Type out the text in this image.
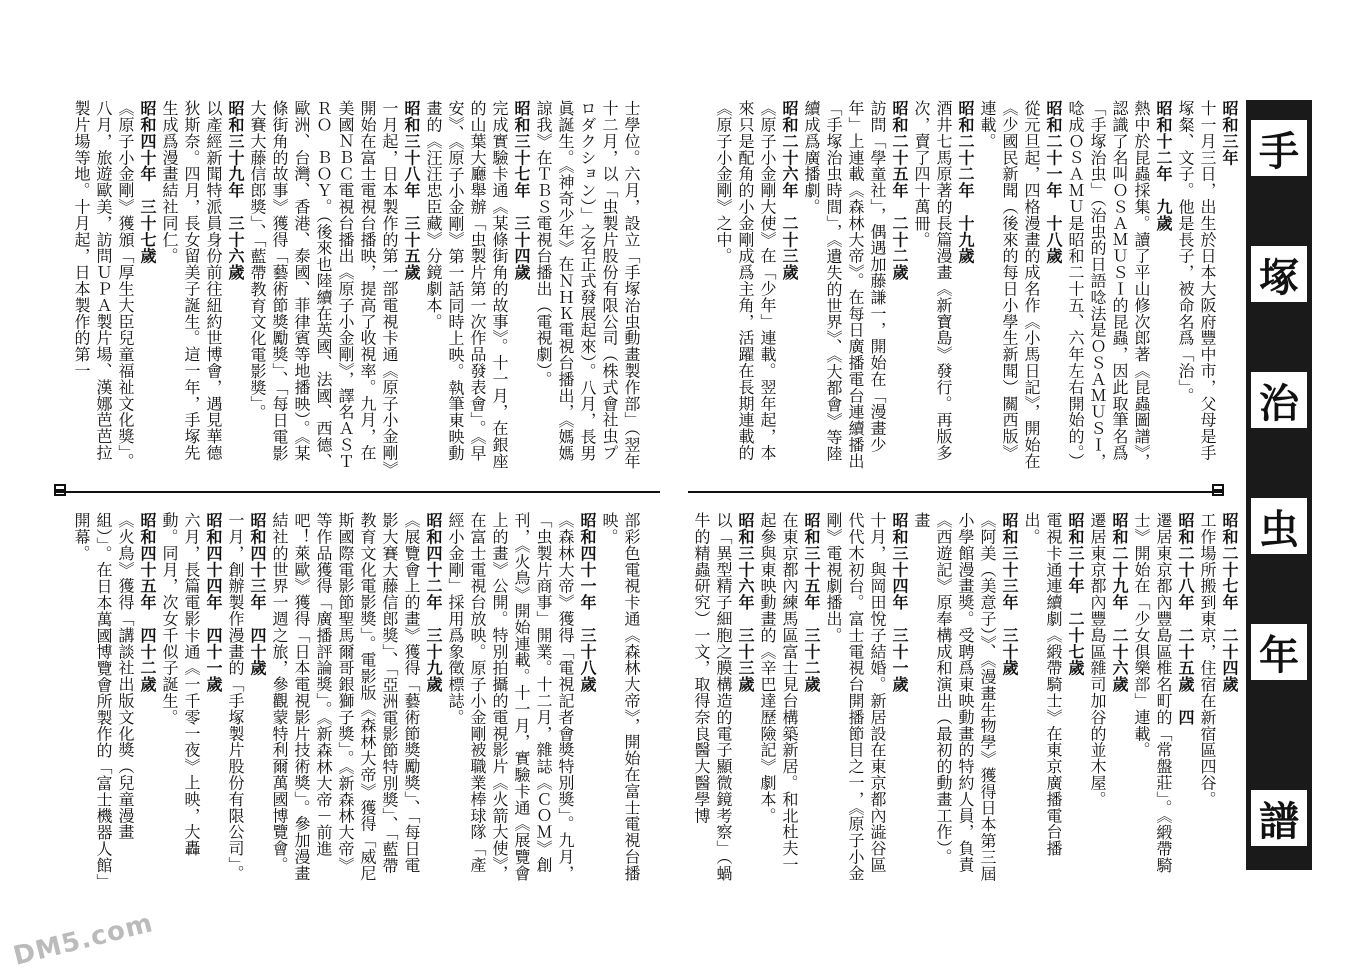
手
塚
治
虫
年
譜

昭和三年

十一月三日，出生於日本大阪府豐中市，父母是手塚粲、文子。他是長子，被命名爲「治」。

昭和十二年　九歲

熱中於昆蟲採集。讀了平山修次郎著《昆蟲圖譜》，認識了名叫ＯＳＡＭＵＳＩ的昆蟲，因此取筆名爲「手塚治虫」（治虫的日語唸法是ＯＳＡＭＵＳＩ，唸成ＯＳＡＭＵ是昭和二十五、六年左右開始的。）

昭和二十一年　十八歲

從元旦起，四格漫畫的成名作《小馬日記》，開始在《少國民新聞（後來的每日小學生新聞）關西版》連載。

昭和二十二年　十九歲

酒井七馬原著的長篇漫畫《新寶島》發行。再版多次，賣了四十萬冊。

昭和二十五年　二十二歲

訪問「學童社」，偶遇加藤謙一，開始在「漫畫少年」上連載《森林大帝》。在每日廣播電台連續播出「手塚治虫時間」，《遺失的世界》、《大都會》等陸續成爲廣播劇。

昭和二十六年　二十三歲

《原子小金剛大使》在「少年」連載。翌年起，本來只是配角的小金剛成爲主角，活躍在長期連載的《原子小金剛》之中。

士學位。六月，設立「手塚治虫動畫製作部」（翌年十二月，以「虫製片股份有限公司（株式會社虫プロダクション）」之名正式發展起來）。八月，長男眞誕生。《神奇少年》在ＮＨＫ電視台播出，《媽媽諒我》在ＴＢＳ電視台播出（電視劇）。

昭和三十七年　三十四歲

完成實驗卡通《某條街角的故事》。十一月，在銀座的山葉大廳舉辦「虫製片第一次作品發表會」。《早安》、《原子小金剛》第一話同時上映。執筆東映動畫的《汪汪忠臣藏》分鏡劇本。

昭和三十八年　三十五歲

一月起，日本製作的第一部電視卡通《原子小金剛》開始在富士電視台播映，提高了收視率。九月，在美國ＮＢＣ電視台播出《原子小金剛》，譯名ＡＳＴＲＯ　ＢＯＹ。（後來也陸續在英國、法國、西德、歐洲、台灣、香港、泰國、菲律賓等地播映）。《某條街角的故事》獲得「藝術節獎勵獎」、「每日電影大賽大藤信郎獎」、「藍帶教育文化電影獎」。

昭和三十九年　三十六歲

以產經新聞特派員身份前往紐約世博會，遇見華德狄斯奈。四月，長女留美子誕生。這一年，手塚先生成爲漫畫結社同仁。

昭和四十年　三十七歲

《原子小金剛》獲頒「厚生大臣兒童福祉文化獎」。八月，旅遊歐美，訪問ＵＰＡ製片場、漢娜芭芭拉製片場等地。十月起，日本製作的第一

昭和二十七年　二十四歲

工作場所搬到東京，住宿在新宿區四谷。

昭和二十八年　二十五歲　四

遷居東京都內豐島區椎名町的「常盤莊」。《緞帶騎士》開始在「少女俱樂部」連載。

昭和二十九年　二十六歲

遷居東京都內豐島區雜司加谷的並木屋。

昭和三十年　二十七歲

電視卡通連續劇《緞帶騎士》在東京廣播電台播出。

昭和三十三年　三十歲

《阿美（美意子）》、《漫畫生物學》獲得日本第三屆小學館漫畫獎。受聘爲東映動畫的特約人員，負責《西遊記》原奉構成和演出（最初的動畫工作）。　畫

昭和三十四年　三十一歲

十月，與岡田悅子結婚。新居設在東京都內澁谷區代代木初台。富士電視台開播節目之一，《原子小金剛》電視劇播出。

昭和三十五年　三十二歲

在東京都內練馬區富士見台構築新居。和北杜夫一起參與東映動畫的《辛巴達歷險記》劇本。

昭和三十六年　三十三歲

以「異型精子細胞之膜構造的電子顯微鏡考察」（蝸牛的精蟲研究）一文，取得奈良醫大醫學博

部彩色電視卡通《森林大帝》，開始在富士電視台播映。

昭和四十一年　三十八歲

《森林大帝》獲得「電視記者會獎特別獎」。九月，「虫製片商事」開業。十二月，雜誌《ＣＯＭ》創刊，《火鳥》開始連載。十一月，實驗卡通《展覽會上的畫》公開。特別拍攝的電視影片《火箭大使》，在富士電視台放映。原子小金剛被職業棒球隊「產經小金剛」採用爲象徵標誌。

昭和四十二年　三十九歲

《展覽會上的畫》獲得「藝術節獎勵獎」、「每日電影大賽大藤信郎獎」、「亞洲電影節特別獎」、「藍帶教育文化電影獎」。電影版《森林大帝》獲得「威尼斯國際電影節聖馬爾哥銀獅子獎」。《新森林大帝》等作品獲得「廣播評論獎」。《新森林大帝－前進吧！萊歐》獲得「日本電視影片技術獎」。參加漫畫結社的世界一週之旅，參觀蒙特利爾萬國博覽會。

昭和四十三年　四十歲

一月，創辦製作漫畫的「手塚製片股份有限公司」。

昭和四十四年　四十一歲

六月，長篇電影卡通《一千零一夜》上映，大轟動。同月，次女千似子誕生。

昭和四十五年　四十二歲

《火鳥》獲得「講談社出版文化獎（兒童漫畫組）」。在日本萬國博覽會所製作的「富士機器人館」開幕。

DM5.com
